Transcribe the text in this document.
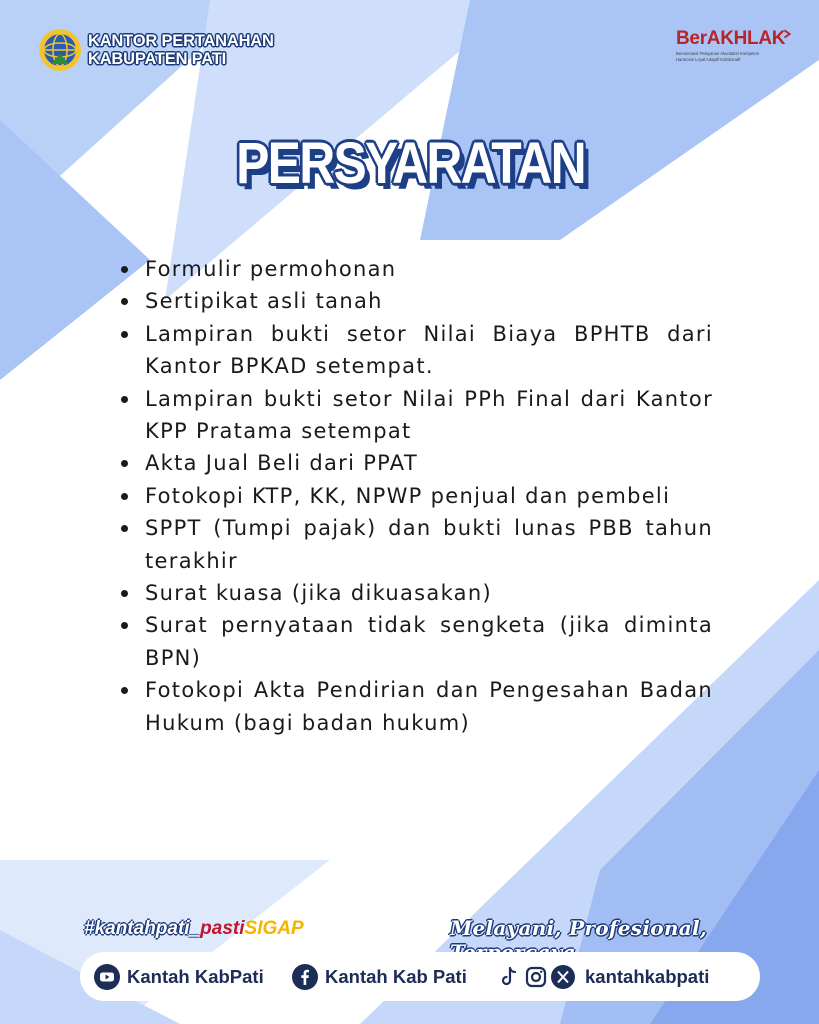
KANTOR PERTANAHAN
KABUPATEN PATI
BerAKHLAK
Berorientasi Pelayanan Akuntabel Kompeten
Harmonis Loyal Adaptif Kolaboratif
PERSYARATAN
Formulir permohonan
Sertipikat asli tanah
Lampiran bukti setor Nilai Biaya BPHTB dari Kantor BPKAD setempat.
Lampiran bukti setor Nilai PPh Final dari Kantor KPP Pratama setempat
Akta Jual Beli dari PPAT
Fotokopi KTP, KK, NPWP penjual dan pembeli
SPPT (Tumpi pajak) dan bukti lunas PBB tahun terakhir
Surat kuasa (jika dikuasakan)
Surat pernyataan tidak sengketa (jika diminta BPN)
Fotokopi Akta Pendirian dan Pengesahan Badan Hukum (bagi badan hukum)
#kantahpati_pastiSIGAP	Melayani, Profesional,
Kantah KabPati	Kantah Kab Pati	kantahkabpati
